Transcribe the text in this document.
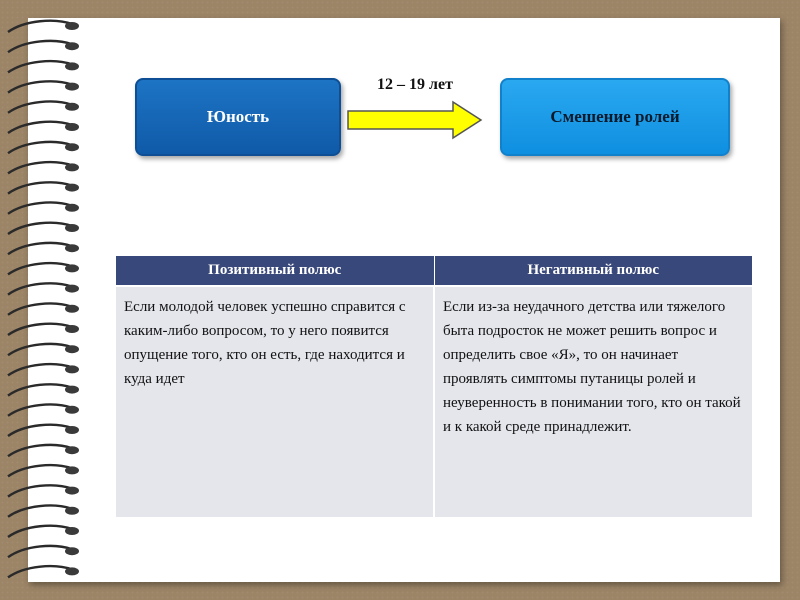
Юность
12 – 19 лет
Смешение ролей
Позитивный полюс	Негативный полюс
Если молодой человек успешно справится с каким-либо вопросом, то у него появится опущение того, кто он есть, где находится и куда идет	Если из-за неудачного детства или тяжелого быта подросток не может решить вопрос и определить свое «Я», то он начинает проявлять симптомы путаницы ролей и неуверенность в понимании того, кто он такой и к какой среде принадлежит.
